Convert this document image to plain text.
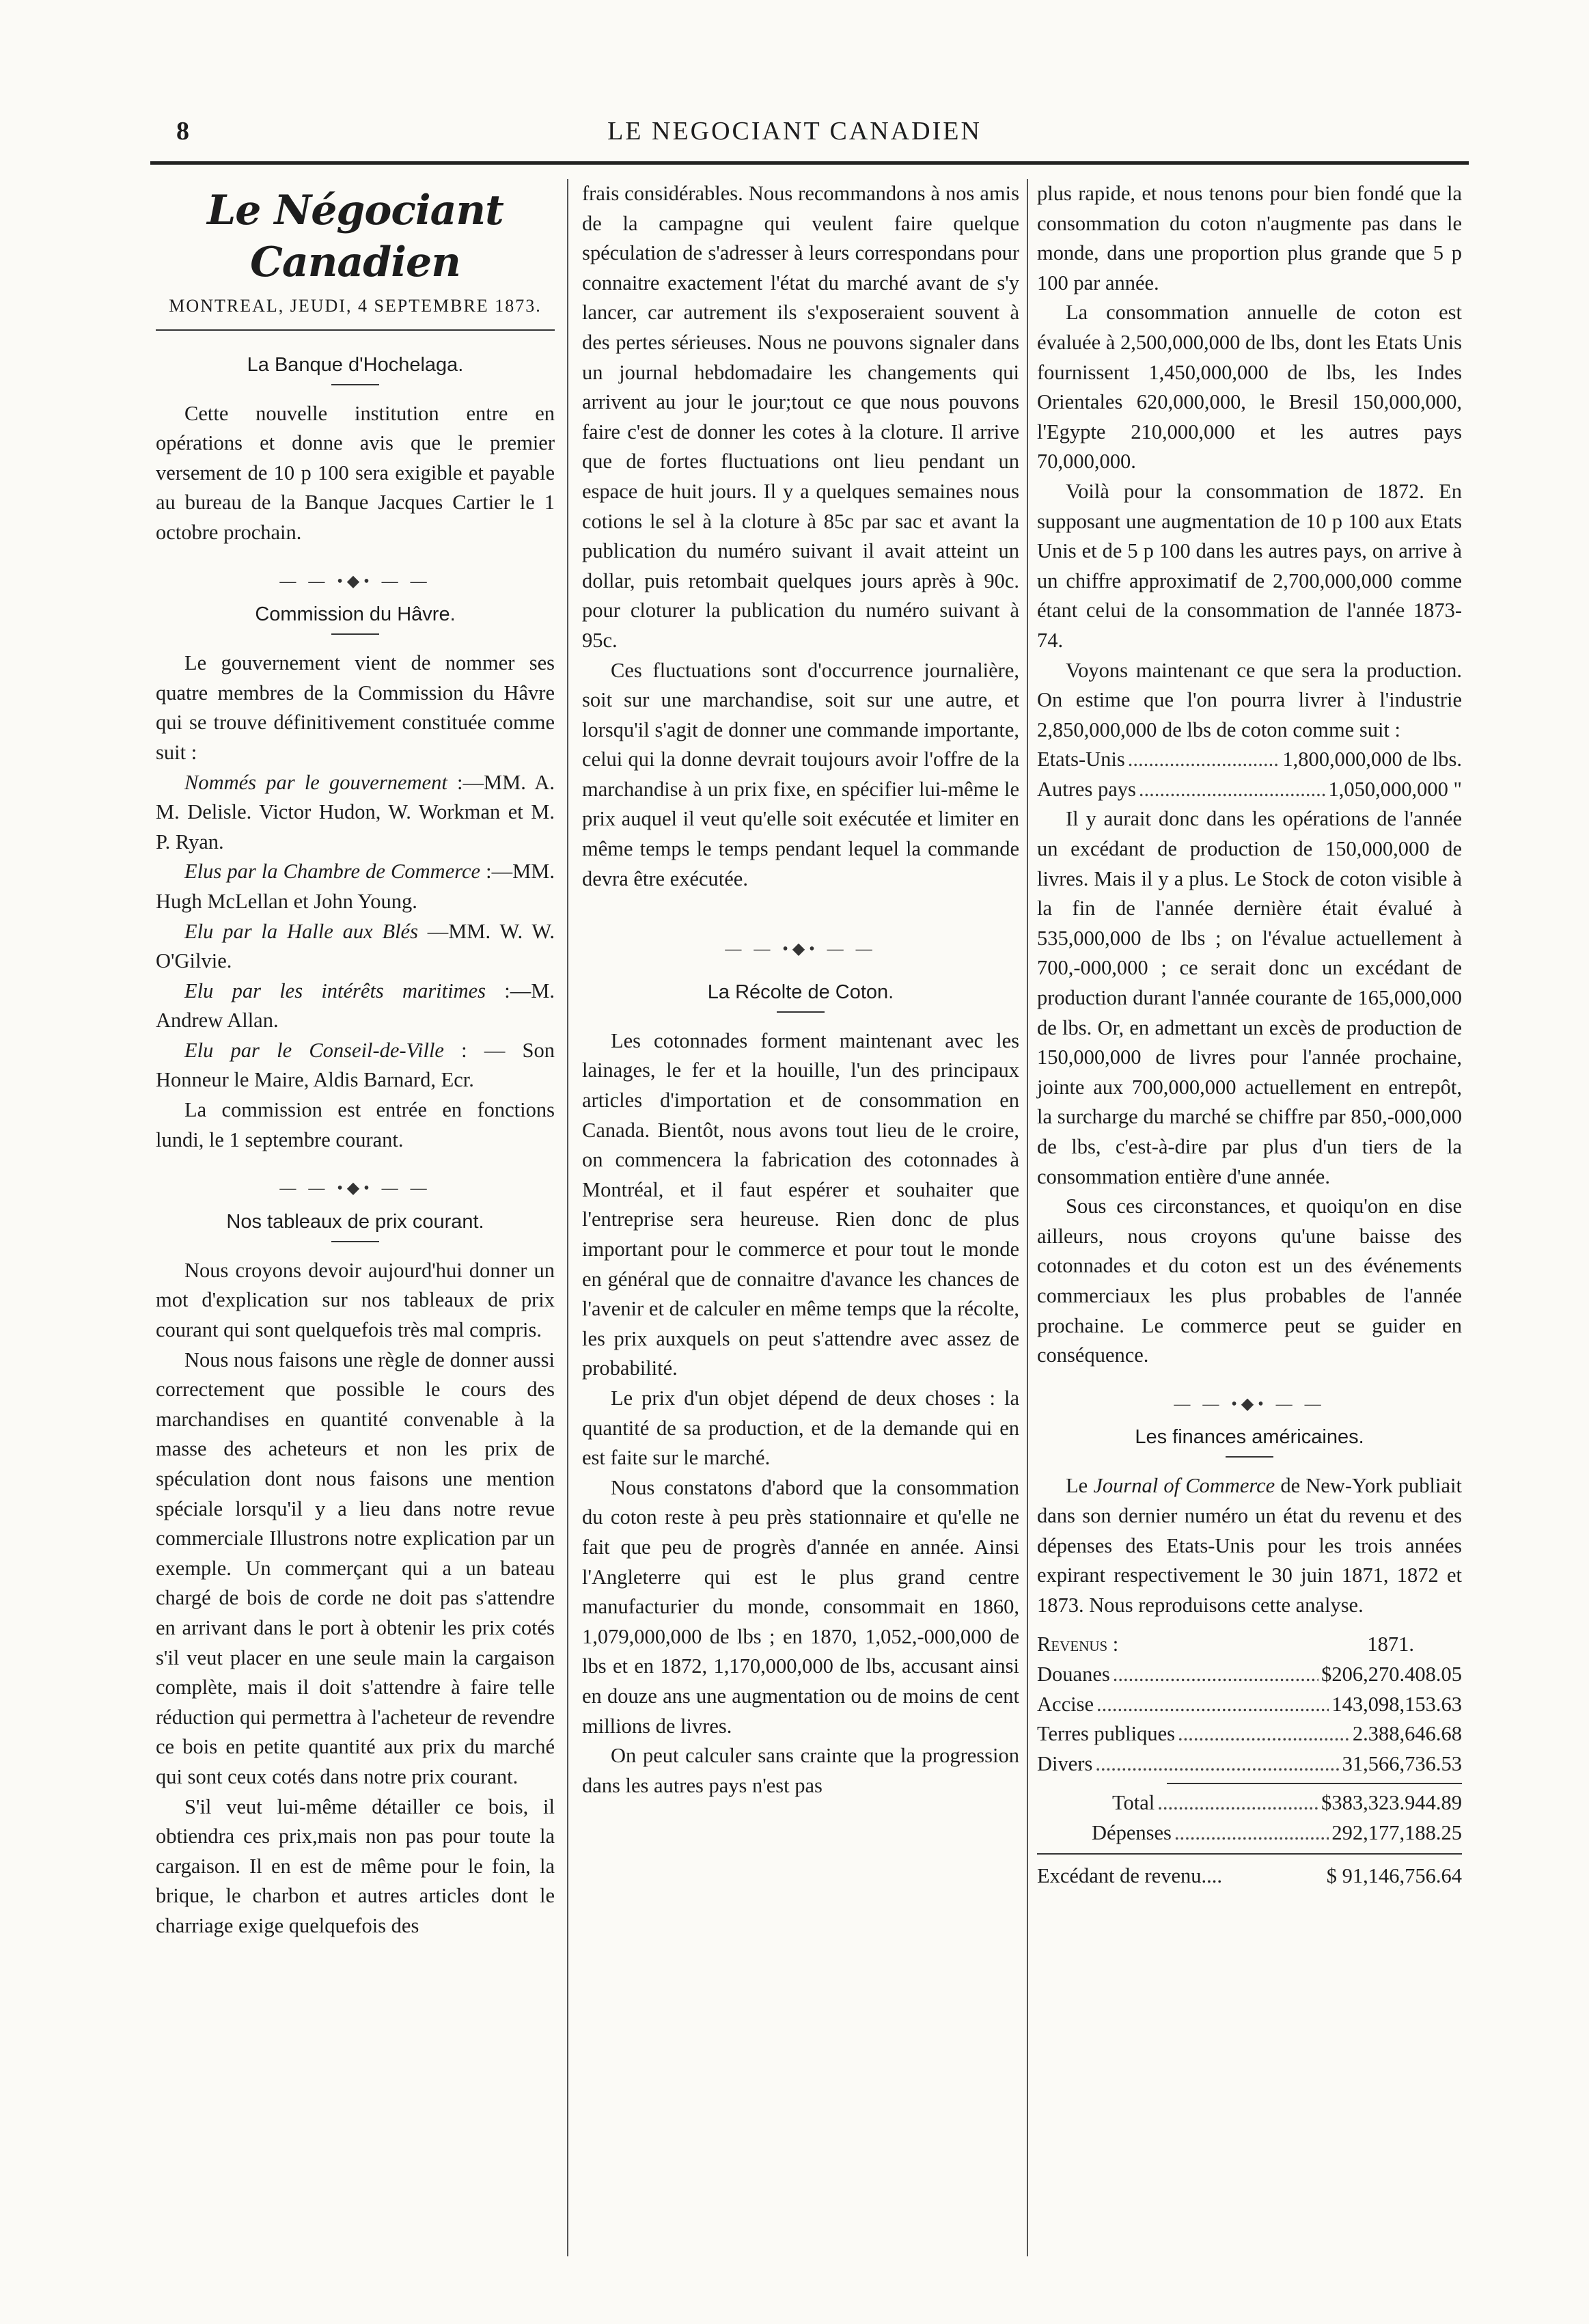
8	LE NEGOCIANT CANADIEN
Le Négociant Canadien
MONTREAL, JEUDI, 4 SEPTEMBRE 1873.
La Banque d'Hochelaga.

Cette nouvelle institution entre en opérations et donne avis que le premier versement de 10 p 100 sera exigible et payable au bureau de la Banque Jacques Cartier le 1 octobre prochain.

— — •◆• — —
Commission du Hâvre.

Le gouvernement vient de nommer ses quatre membres de la Commission du Hâvre qui se trouve définitivement constituée comme suit :

Nommés par le gouvernement :—MM. A. M. Delisle. Victor Hudon, W. Workman et M. P. Ryan.

Elus par la Chambre de Commerce :—MM. Hugh McLellan et John Young.

Elu par la Halle aux Blés —MM. W. W. O'Gilvie.

Elu par les intérêts maritimes :—M. Andrew Allan.

Elu par le Conseil-de-Ville : — Son Honneur le Maire, Aldis Barnard, Ecr.

La commission est entrée en fonctions lundi, le 1 septembre courant.

— — •◆• — —
Nos tableaux de prix courant.

Nous croyons devoir aujourd'hui donner un mot d'explication sur nos tableaux de prix courant qui sont quelquefois très mal compris.

Nous nous faisons une règle de donner aussi correctement que possible le cours des marchandises en quantité convenable à la masse des acheteurs et non les prix de spéculation dont nous faisons une mention spéciale lorsqu'il y a lieu dans notre revue commerciale Illustrons notre explication par un exemple. Un commerçant qui a un bateau chargé de bois de corde ne doit pas s'attendre en arrivant dans le port à obtenir les prix cotés s'il veut placer en une seule main la cargaison complète, mais il doit s'attendre à faire telle réduction qui permettra à l'acheteur de revendre ce bois en petite quantité aux prix du marché qui sont ceux cotés dans notre prix courant.

S'il veut lui-même détailler ce bois, il obtiendra ces prix,mais non pas pour toute la cargaison. Il en est de même pour le foin, la brique, le charbon et autres articles dont le charriage exige quelquefois des

frais considérables. Nous recommandons à nos amis de la campagne qui veulent faire quelque spéculation de s'adresser à leurs correspondans pour connaitre exactement l'état du marché avant de s'y lancer, car autrement ils s'exposeraient souvent à des pertes sérieuses. Nous ne pouvons signaler dans un journal hebdomadaire les changements qui arrivent au jour le jour;tout ce que nous pouvons faire c'est de donner les cotes à la cloture. Il arrive que de fortes fluctuations ont lieu pendant un espace de huit jours. Il y a quelques semaines nous cotions le sel à la cloture à 85c par sac et avant la publication du numéro suivant il avait atteint un dollar, puis retombait quelques jours après à 90c. pour cloturer la publication du numéro suivant à 95c.

Ces fluctuations sont d'occurrence journalière, soit sur une marchandise, soit sur une autre, et lorsqu'il s'agit de donner une commande importante, celui qui la donne devrait toujours avoir l'offre de la marchandise à un prix fixe, en spécifier lui-même le prix auquel il veut qu'elle soit exécutée et limiter en même temps le temps pendant lequel la commande devra être exécutée.

— — •◆• — —
La Récolte de Coton.

Les cotonnades forment maintenant avec les lainages, le fer et la houille, l'un des principaux articles d'importation et de consommation en Canada. Bientôt, nous avons tout lieu de le croire, on commencera la fabrication des cotonnades à Montréal, et il faut espérer et souhaiter que l'entreprise sera heureuse. Rien donc de plus important pour le commerce et pour tout le monde en général que de connaitre d'avance les chances de l'avenir et de calculer en même temps que la récolte, les prix auxquels on peut s'attendre avec assez de probabilité.

Le prix d'un objet dépend de deux choses : la quantité de sa production, et de la demande qui en est faite sur le marché.

Nous constatons d'abord que la consommation du coton reste à peu près stationnaire et qu'elle ne fait que peu de progrès d'année en année. Ainsi l'Angleterre qui est le plus grand centre manufacturier du monde, consommait en 1860, 1,079,000,000 de lbs ; en 1870, 1,052,-000,000 de lbs et en 1872, 1,170,000,000 de lbs, accusant ainsi en douze ans une augmentation ou de moins de cent millions de livres.

On peut calculer sans crainte que la progression dans les autres pays n'est pas

plus rapide, et nous tenons pour bien fondé que la consommation du coton n'augmente pas dans le monde, dans une proportion plus grande que 5 p 100 par année.

La consommation annuelle de coton est évaluée à 2,500,000,000 de lbs, dont les Etats Unis fournissent 1,450,000,000 de lbs, les Indes Orientales 620,000,000, le Bresil 150,000,000, l'Egypte 210,000,000 et les autres pays 70,000,000.

Voilà pour la consommation de 1872. En supposant une augmentation de 10 p 100 aux Etats Unis et de 5 p 100 dans les autres pays, on arrive à un chiffre approximatif de 2,700,000,000 comme étant celui de la consommation de l'année 1873-74.

Voyons maintenant ce que sera la production. On estime que l'on pourra livrer à l'industrie 2,850,000,000 de lbs de coton comme suit :

Etats-Unis .....	1,800,000,000 de lbs.
Autres pays .....	1,050,000,000 "

Il y aurait donc dans les opérations de l'année un excédant de production de 150,000,000 de livres. Mais il y a plus. Le Stock de coton visible à la fin de l'année dernière était évalué à 535,000,000 de lbs ; on l'évalue actuellement à 700,-000,000 ; ce serait donc un excédant de production durant l'année courante de 165,000,000 de lbs. Or, en admettant un excès de production de 150,000,000 de livres pour l'année prochaine, jointe aux 700,000,000 actuellement en entrepôt, la surcharge du marché se chiffre par 850,-000,000 de lbs, c'est-à-dire par plus d'un tiers de la consommation entière d'une année.

Sous ces circonstances, et quoiqu'on en dise ailleurs, nous croyons qu'une baisse des cotonnades et du coton est un des événements commerciaux les plus probables de l'année prochaine. Le commerce peut se guider en conséquence.

— — •◆• — —
Les finances américaines.

Le Journal of Commerce de New-York publiait dans son dernier numéro un état du revenu et des dépenses des Etats-Unis pour les trois années expirant respectivement le 30 juin 1871, 1872 et 1873. Nous reproduisons cette analyse.

Revenus :	1871.
Douanes .....	$206,270.408.05
Accise .....	143,098,153.63
Terres publiques .....	2.388,646.68
Divers .....	31,566,736.53
Total .....	$383,323.944.89
Dépenses .....	292,177,188.25
Excédant de revenu....	$ 91,146,756.64
